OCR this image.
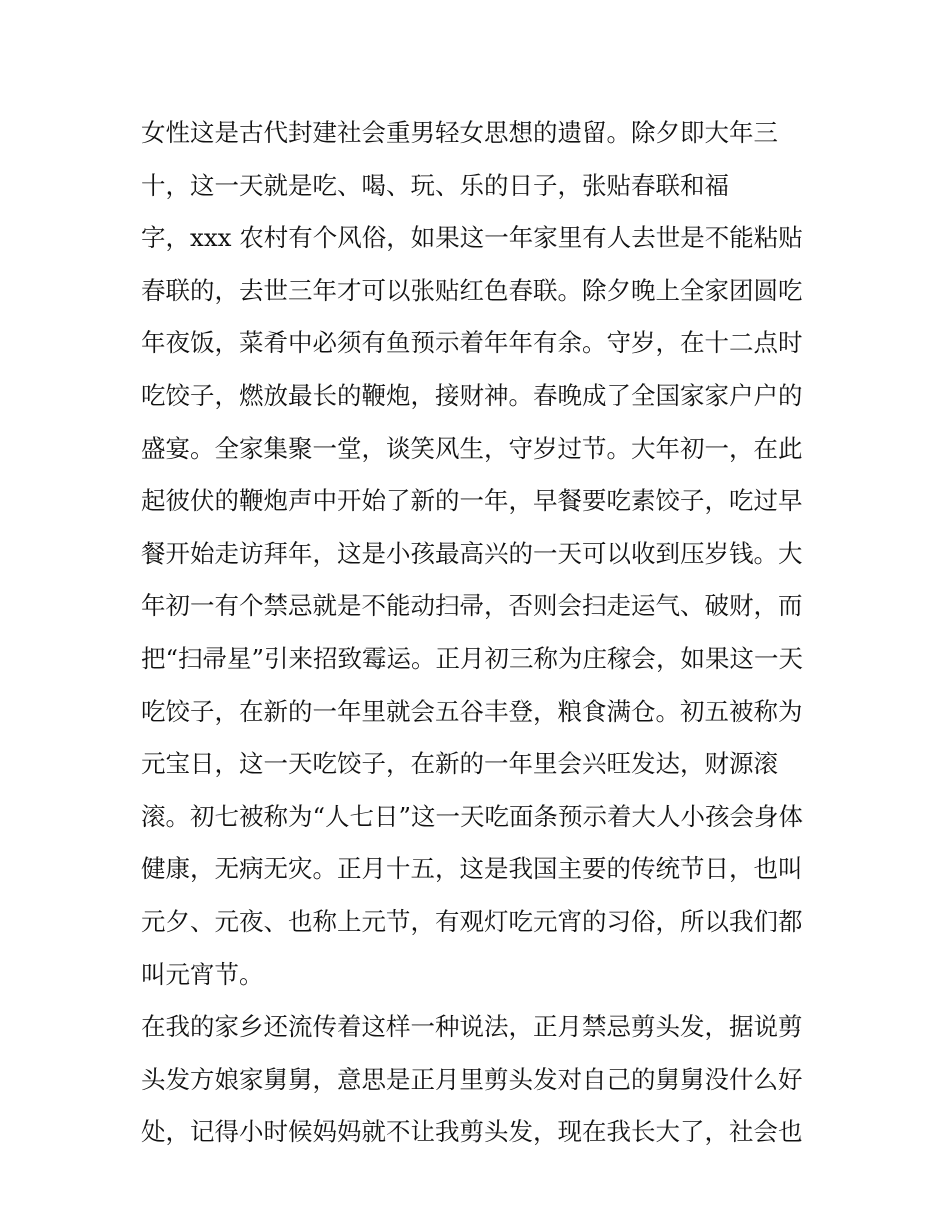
女性这是古代封建社会重男轻女思想的遗留。除夕即大年三
十，这一天就是吃、喝、玩、乐的日子，张贴春联和福
字，xxx 农村有个风俗，如果这一年家里有人去世是不能粘贴
春联的，去世三年才可以张贴红色春联。除夕晚上全家团圆吃
年夜饭，菜肴中必须有鱼预示着年年有余。守岁，在十二点时
吃饺子，燃放最长的鞭炮，接财神。春晚成了全国家家户户的
盛宴。全家集聚一堂，谈笑风生，守岁过节。大年初一，在此
起彼伏的鞭炮声中开始了新的一年，早餐要吃素饺子，吃过早
餐开始走访拜年，这是小孩最高兴的一天可以收到压岁钱。大
年初一有个禁忌就是不能动扫帚，否则会扫走运气、破财，而
把“扫帚星”引来招致霉运。正月初三称为庄稼会，如果这一天
吃饺子，在新的一年里就会五谷丰登，粮食满仓。初五被称为
元宝日，这一天吃饺子，在新的一年里会兴旺发达，财源滚
滚。初七被称为“人七日”这一天吃面条预示着大人小孩会身体
健康，无病无灾。正月十五，这是我国主要的传统节日，也叫
元夕、元夜、也称上元节，有观灯吃元宵的习俗，所以我们都
叫元宵节。
在我的家乡还流传着这样一种说法，正月禁忌剪头发，据说剪
头发方娘家舅舅，意思是正月里剪头发对自己的舅舅没什么好
处，记得小时候妈妈就不让我剪头发，现在我长大了，社会也
